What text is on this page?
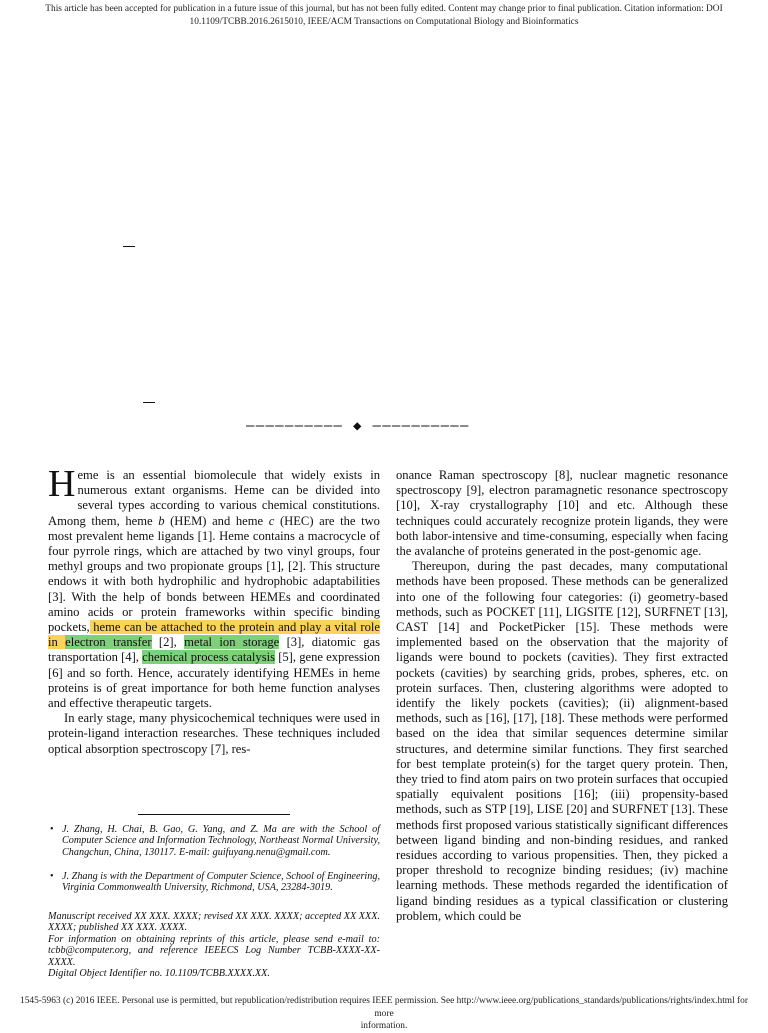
This article has been accepted for publication in a future issue of this journal, but has not been fully edited. Content may change prior to final publication. Citation information: DOI
10.1109/TCBB.2016.2615010, IEEE/ACM Transactions on Computational Biology and Bioinformatics
–––––––––– ◆ ––––––––––

Heme is an essential biomolecule that widely exists in numerous extant organisms. Heme can be divided into several types according to various chemical constitutions. Among them, heme b (HEM) and heme c (HEC) are the two most prevalent heme ligands [1]. Heme contains a macrocycle of four pyrrole rings, which are attached by two vinyl groups, four methyl groups and two propionate groups [1], [2]. This structure endows it with both hydrophilic and hydrophobic adaptabilities [3]. With the help of bonds between HEMEs and coordinated amino acids or protein frameworks within specific binding pockets, heme can be attached to the protein and play a vital role in electron transfer [2], metal ion storage [3], diatomic gas transportation [4], chemical process catalysis [5], gene expression [6] and so forth. Hence, accurately identifying HEMEs in heme proteins is of great importance for both heme function analyses and effective therapeutic targets.

In early stage, many physicochemical techniques were used in protein-ligand interaction researches. These techniques included optical absorption spectroscopy [7], res-

onance Raman spectroscopy [8], nuclear magnetic resonance spectroscopy [9], electron paramagnetic resonance spectroscopy [10], X-ray crystallography [10] and etc. Although these techniques could accurately recognize protein ligands, they were both labor-intensive and time-consuming, especially when facing the avalanche of proteins generated in the post-genomic age.

Thereupon, during the past decades, many computational methods have been proposed. These methods can be generalized into one of the following four categories: (i) geometry-based methods, such as POCKET [11], LIGSITE [12], SURFNET [13], CAST [14] and PocketPicker [15]. These methods were implemented based on the observation that the majority of ligands were bound to pockets (cavities). They first extracted pockets (cavities) by searching grids, probes, spheres, etc. on protein surfaces. Then, clustering algorithms were adopted to identify the likely pockets (cavities); (ii) alignment-based methods, such as [16], [17], [18]. These methods were performed based on the idea that similar sequences determine similar structures, and determine similar functions. They first searched for best template protein(s) for the target query protein. Then, they tried to find atom pairs on two protein surfaces that occupied spatially equivalent positions [16]; (iii) propensity-based methods, such as STP [19], LISE [20] and SURFNET [13]. These methods first proposed various statistically significant differences between ligand binding and non-binding residues, and ranked residues according to various propensities. Then, they picked a proper threshold to recognize binding residues; (iv) machine learning methods. These methods regarded the identification of ligand binding residues as a typical classification or clustering problem, which could be

• J. Zhang, H. Chai, B. Gao, G. Yang, and Z. Ma are with the School of Computer Science and Information Technology, Northeast Normal University, Changchun, China, 130117. E-mail: guifuyang.nenu@gmail.com.
• J. Zhang is with the Department of Computer Science, School of Engineering, Virginia Commonwealth University, Richmond, USA, 23284-3019.
Manuscript received XX XXX. XXXX; revised XX XXX. XXXX; accepted XX XXX. XXXX; published XX XXX. XXXX.
For information on obtaining reprints of this article, please send e-mail to: tcbb@computer.org, and reference IEEECS Log Number TCBB-XXXX-XX-XXXX.
Digital Object Identifier no. 10.1109/TCBB.XXXX.XX.
1545-5963 (c) 2016 IEEE. Personal use is permitted, but republication/redistribution requires IEEE permission. See http://www.ieee.org/publications_standards/publications/rights/index.html for more
information.
